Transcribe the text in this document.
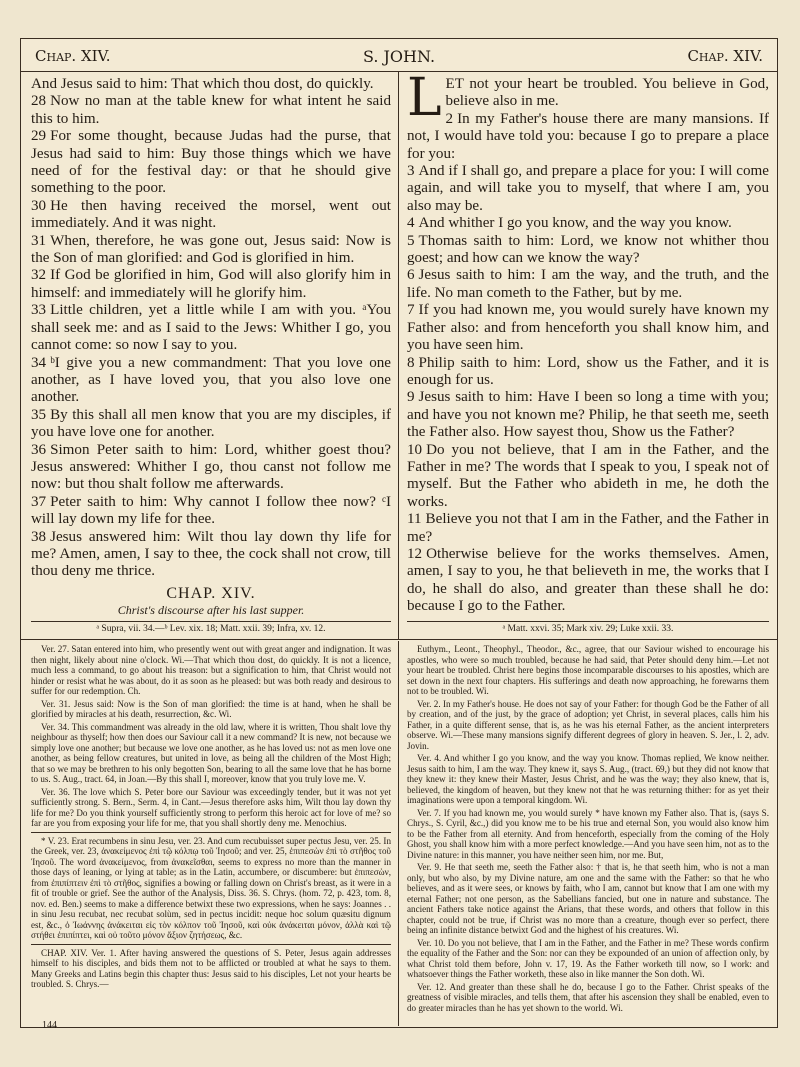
Chap. XIV.	S. JOHN.	Chap. XIV.

And Jesus said to him: That which thou dost, do quickly.

28 Now no man at the table knew for what intent he said this to him.

29 For some thought, because Judas had the purse, that Jesus had said to him: Buy those things which we have need of for the festival day: or that he should give something to the poor.

30 He then having received the morsel, went out immediately. And it was night.

31 When, therefore, he was gone out, Jesus said: Now is the Son of man glorified: and God is glorified in him.

32 If God be glorified in him, God will also glorify him in himself: and immediately will he glorify him.

33 Little children, yet a little while I am with you. ᵃYou shall seek me: and as I said to the Jews: Whither I go, you cannot come: so now I say to you.

34 ᵇI give you a new commandment: That you love one another, as I have loved you, that you also love one another.

35 By this shall all men know that you are my disciples, if you have love one for another.

36 Simon Peter saith to him: Lord, whither goest thou? Jesus answered: Whither I go, thou canst not follow me now: but thou shalt follow me afterwards.

37 Peter saith to him: Why cannot I follow thee now? ᶜI will lay down my life for thee.

38 Jesus answered him: Wilt thou lay down thy life for me? Amen, amen, I say to thee, the cock shall not crow, till thou deny me thrice.

CHAP. XIV.
Christ's discourse after his last supper.
L ET not your heart be troubled. You believe in God, believe also in me.

2 In my Father's house there are many mansions. If not, I would have told you: because I go to prepare a place for you:

3 And if I shall go, and prepare a place for you: I will come again, and will take you to myself, that where I am, you also may be.

4 And whither I go you know, and the way you know.

5 Thomas saith to him: Lord, we know not whither thou goest; and how can we know the way?

6 Jesus saith to him: I am the way, and the truth, and the life. No man cometh to the Father, but by me.

7 If you had known me, you would surely have known my Father also: and from henceforth you shall know him, and you have seen him.

8 Philip saith to him: Lord, show us the Father, and it is enough for us.

9 Jesus saith to him: Have I been so long a time with you; and have you not known me? Philip, he that seeth me, seeth the Father also. How sayest thou, Show us the Father?

10 Do you not believe, that I am in the Father, and the Father in me? The words that I speak to you, I speak not of myself. But the Father who abideth in me, he doth the works.

11 Believe you not that I am in the Father, and the Father in me?

12 Otherwise believe for the works themselves. Amen, amen, I say to you, he that believeth in me, the works that I do, he shall do also, and greater than these shall he do: because I go to the Father.

ᵃ Supra, vii. 34.—ᵇ Lev. xix. 18; Matt. xxii. 39; Infra, xv. 12.	ᵃ Matt. xxvi. 35; Mark xiv. 29; Luke xxii. 33.

Ver. 27. Satan entered into him, who presently went out with great anger and indignation. It was then night, likely about nine o'clock. Wi.—That which thou dost, do quickly. It is not a licence, much less a command, to go about his treason: but a signification to him, that Christ would not hinder or resist what he was about, do it as soon as he pleased: but was both ready and desirous to suffer for our redemption. Ch.

Ver. 31. Jesus said: Now is the Son of man glorified: the time is at hand, when he shall be glorified by miracles at his death, resurrection, &c. Wi.

Ver. 34. This commandment was already in the old law, where it is written, Thou shalt love thy neighbour as thyself; how then does our Saviour call it a new command? It is new, not because we simply love one another; but because we love one another, as he has loved us: not as men love one another, as being fellow creatures, but united in love, as being all the children of the Most High; that so we may be brethren to his only begotten Son, bearing to all the same love that he has borne to us. S. Aug., tract. 64, in Joan.—By this shall I, moreover, know that you truly love me. V.

Ver. 36. The love which S. Peter bore our Saviour was exceedingly tender, but it was not yet sufficiently strong. S. Bern., Serm. 4, in Cant.—Jesus therefore asks him, Wilt thou lay down thy life for me? Do you think yourself sufficiently strong to perform this heroic act for love of me? so far are you from exposing your life for me, that you shall shortly deny me. Menochius.

* V. 23. Erat recumbens in sinu Jesu, ver. 23. And cum recubuisset super pectus Jesu, ver. 25. In the Greek, ver. 23, ἀνακείμενος ἐπὶ τῷ κόλπῳ τοῦ Ἰησοῦ; and ver. 25, ἐπιπεσὼν ἐπὶ τὸ στῆθος τοῦ Ἰησοῦ. The word ἀνακείμενος, from ἀνακεῖσθαι, seems to express no more than the manner in those days of leaning, or lying at table; as in the Latin, accumbere, or discumbere: but ἐπιπεσὼν, from ἐπιπίπτειν ἐπὶ τὸ στῆθος, signifies a bowing or falling down on Christ's breast, as it were in a fit of trouble or grief. See the author of the Analysis, Diss. 36. S. Chrys. (hom. 72, p. 423, tom. 8, nov. ed. Ben.) seems to make a difference betwixt these two expressions, when he says: Joannes . . in sinu Jesu recubat, nec recubat solùm, sed in pectus incidit: neque hoc solum quæsitu dignum est, &c., ὁ Ἰωάννης ἀνάκειται εἰς τὸν κόλπον τοῦ Ἰησοῦ, καὶ οὐκ ἀνάκειται μόνον, ἀλλὰ καὶ τῷ στήθει ἐπιπίπτει, καὶ οὐ τοῦτο μόνον ἄξιον ζητήσεως, &c.

CHAP. XIV. Ver. 1. After having answered the questions of S. Peter, Jesus again addresses himself to his disciples, and bids them not to be afflicted or troubled at what he says to them. Many Greeks and Latins begin this chapter thus: Jesus said to his disciples, Let not your hearts be troubled. S. Chrys.—

Euthym., Leont., Theophyl., Theodor., &c., agree, that our Saviour wished to encourage his apostles, who were so much troubled, because he had said, that Peter should deny him.—Let not your heart be troubled. Christ here begins those incomparable discourses to his apostles, which are set down in the next four chapters. His sufferings and death now approaching, he forewarns them not to be troubled. Wi.

Ver. 2. In my Father's house. He does not say of your Father: for though God be the Father of all by creation, and of the just, by the grace of adoption; yet Christ, in several places, calls him his Father, in a quite different sense, that is, as he was his eternal Father, as the ancient interpreters observe. Wi.—These many mansions signify different degrees of glory in heaven. S. Jer., l. 2, adv. Jovin.

Ver. 4. And whither I go you know, and the way you know. Thomas replied, We know neither. Jesus saith to him, I am the way. They knew it, says S. Aug., (tract. 69,) but they did not know that they knew it: they knew their Master, Jesus Christ, and he was the way; they also knew, that is, believed, the kingdom of heaven, but they knew not that he was returning thither: for as yet their imaginations were upon a temporal kingdom. Wi.

Ver. 7. If you had known me, you would surely * have known my Father also. That is, (says S. Chrys., S. Cyril, &c.,) did you know me to be his true and eternal Son, you would also know him to be the Father from all eternity. And from henceforth, especially from the coming of the Holy Ghost, you shall know him with a more perfect knowledge.—And you have seen him, not as to the Divine nature: in this manner, you have neither seen him, nor me. But,

Ver. 9. He that seeth me, seeth the Father also: † that is, he that seeth him, who is not a man only, but who also, by my Divine nature, am one and the same with the Father: so that he who believes, and as it were sees, or knows by faith, who I am, cannot but know that I am one with my eternal Father; not one person, as the Sabellians fancied, but one in nature and substance. The ancient Fathers take notice against the Arians, that these words, and others that follow in this chapter, could not be true, if Christ was no more than a creature, though ever so perfect, there being an infinite distance betwixt God and the highest of his creatures. Wi.

Ver. 10. Do you not believe, that I am in the Father, and the Father in me? These words confirm the equality of the Father and the Son: nor can they be expounded of an union of affection only, by what Christ told them before, John v. 17, 19. As the Father worketh till now, so I work: and whatsoever things the Father worketh, these also in like manner the Son doth. Wi.

Ver. 12. And greater than these shall he do, because I go to the Father. Christ speaks of the greatness of visible miracles, and tells them, that after his ascension they shall be enabled, even to do greater miracles than he has yet shown to the world. Wi.

144
